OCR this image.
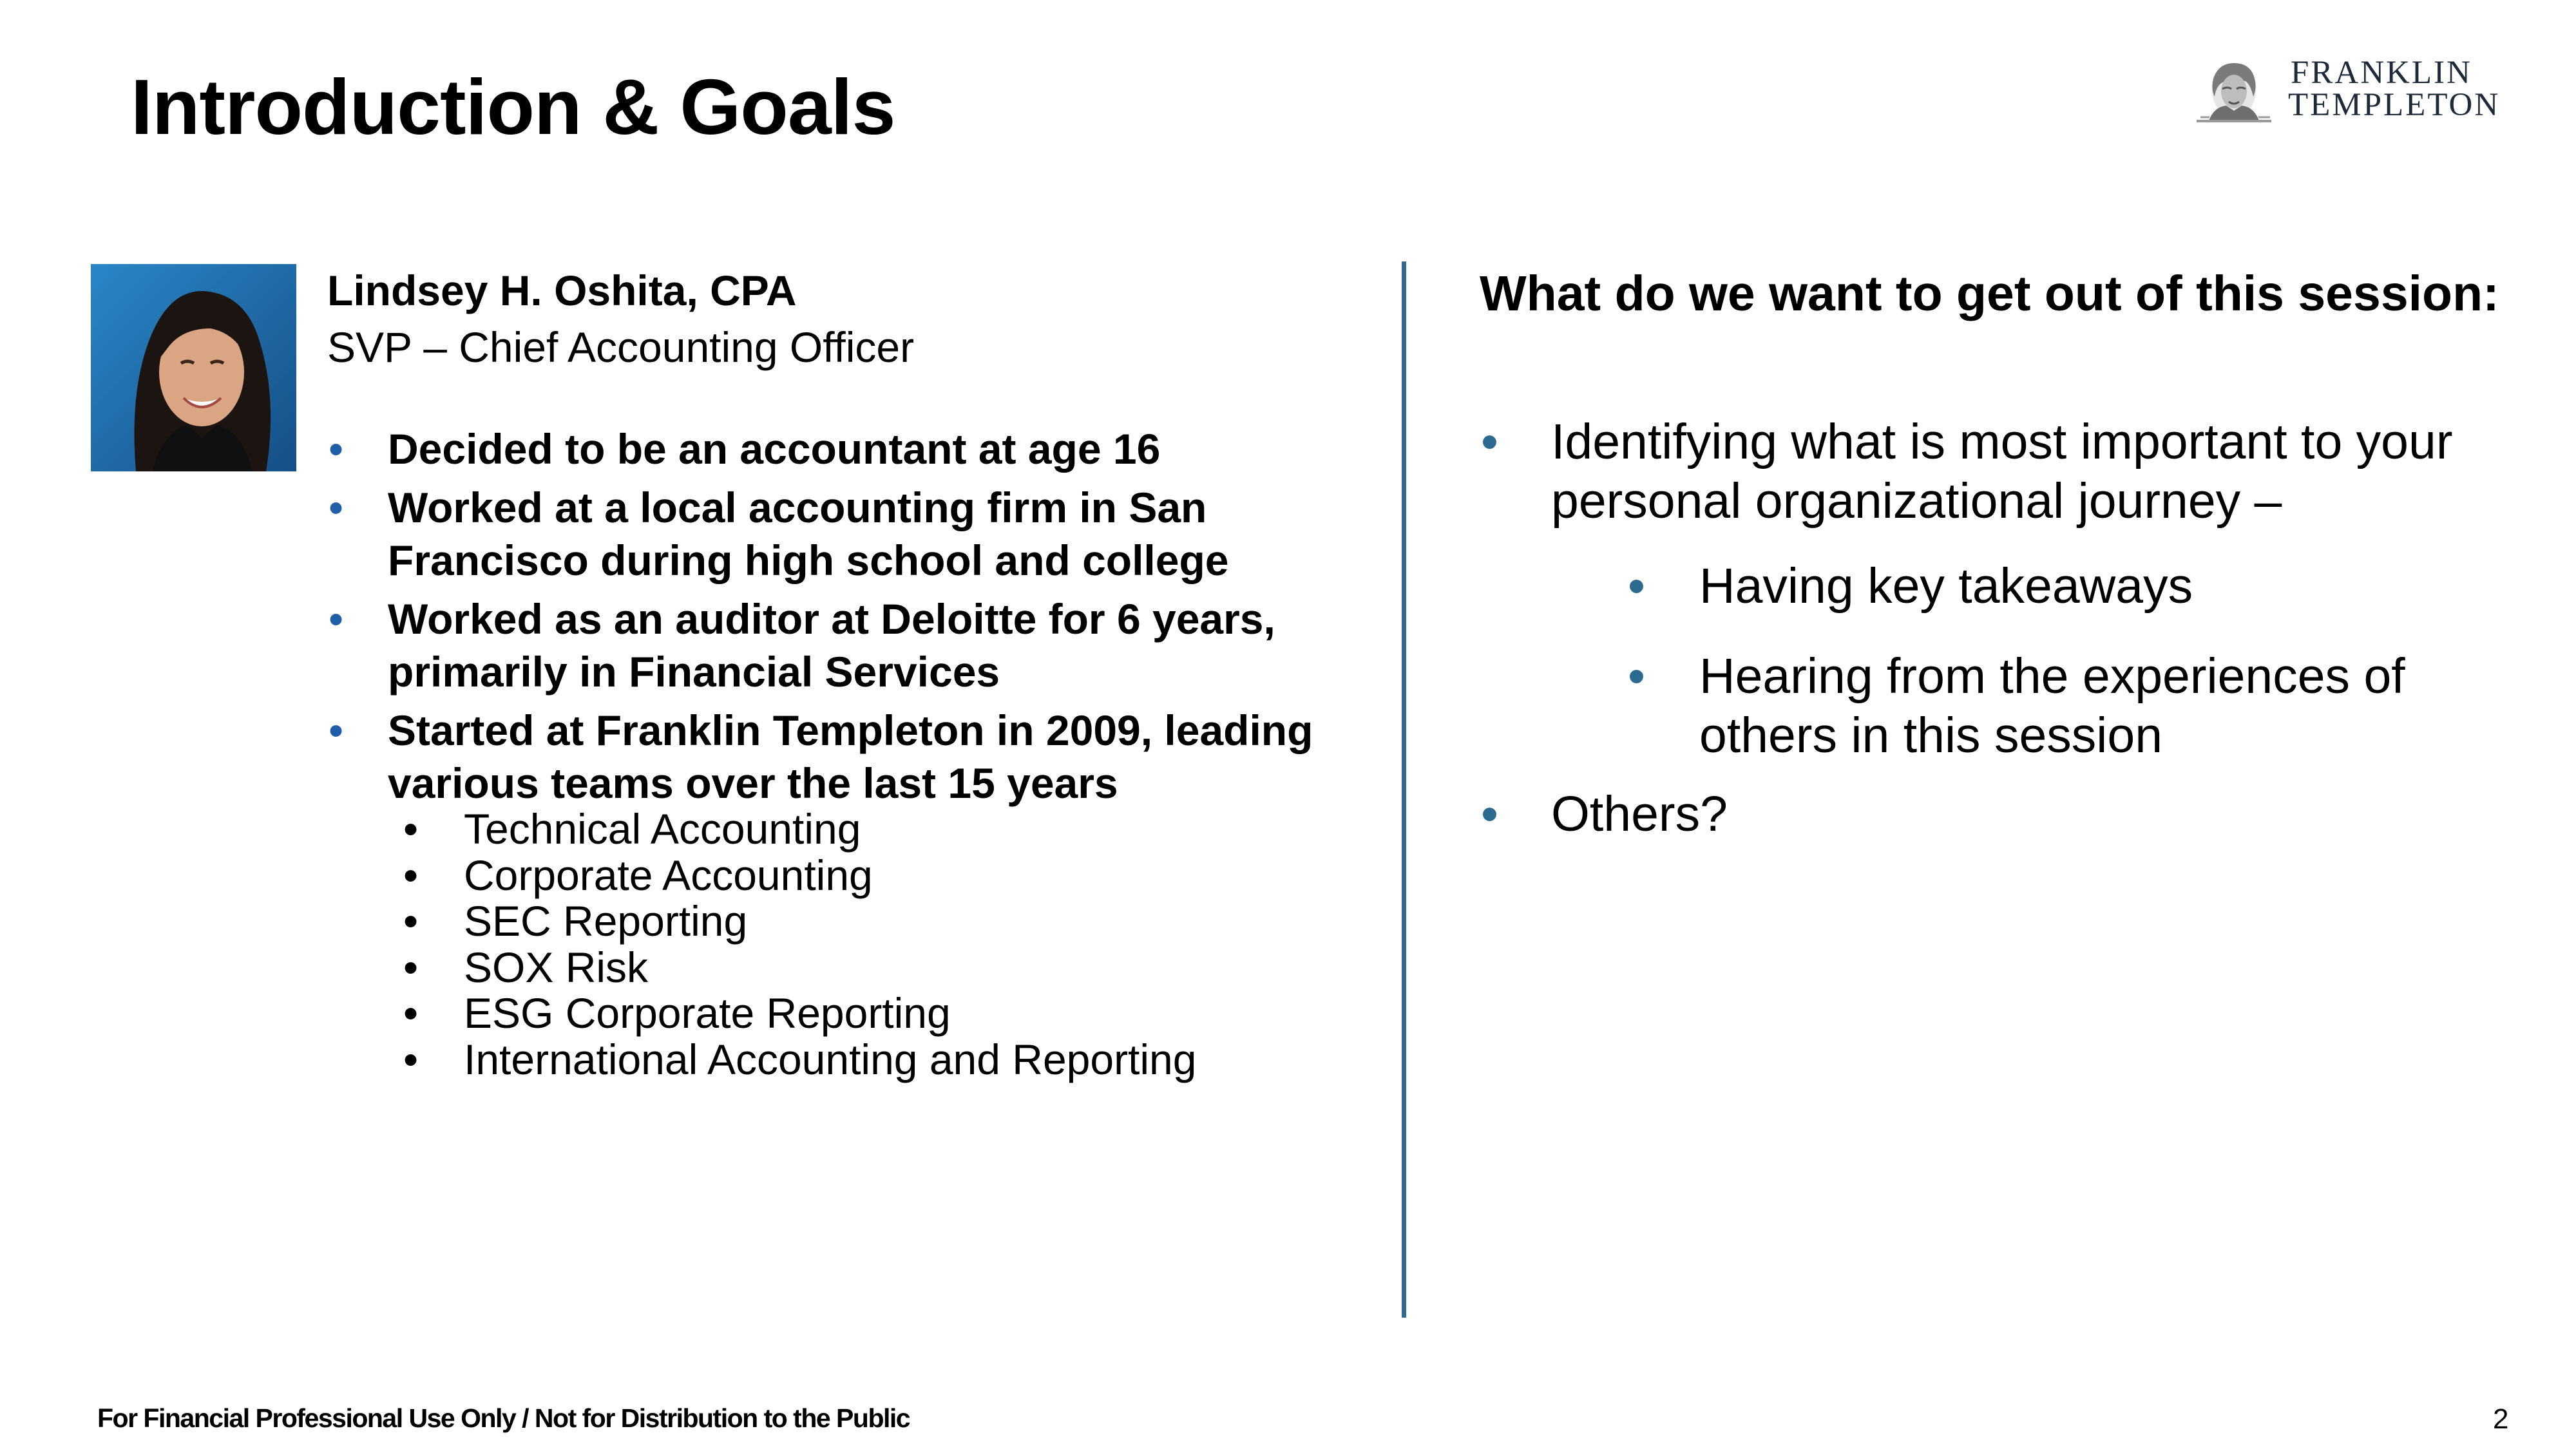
Introduction & Goals	FRANKLIN
TEMPLETON
Lindsey H. Oshita, CPA
SVP – Chief Accounting Officer
• Decided to be an accountant at age 16
• Worked at a local accounting firm in San Francisco during high school and college
• Worked as an auditor at Deloitte for 6 years, primarily in Financial Services
• Started at Franklin Templeton in 2009, leading various teams over the last 15 years
• Technical Accounting
• Corporate Accounting
• SEC Reporting
• SOX Risk
• ESG Corporate Reporting
• International Accounting and Reporting
What do we want to get out of this session:
• Identifying what is most important to your personal organizational journey –
• Having key takeaways
• Hearing from the experiences of others in this session
• Others?
For Financial Professional Use Only / Not for Distribution to the Public	2
